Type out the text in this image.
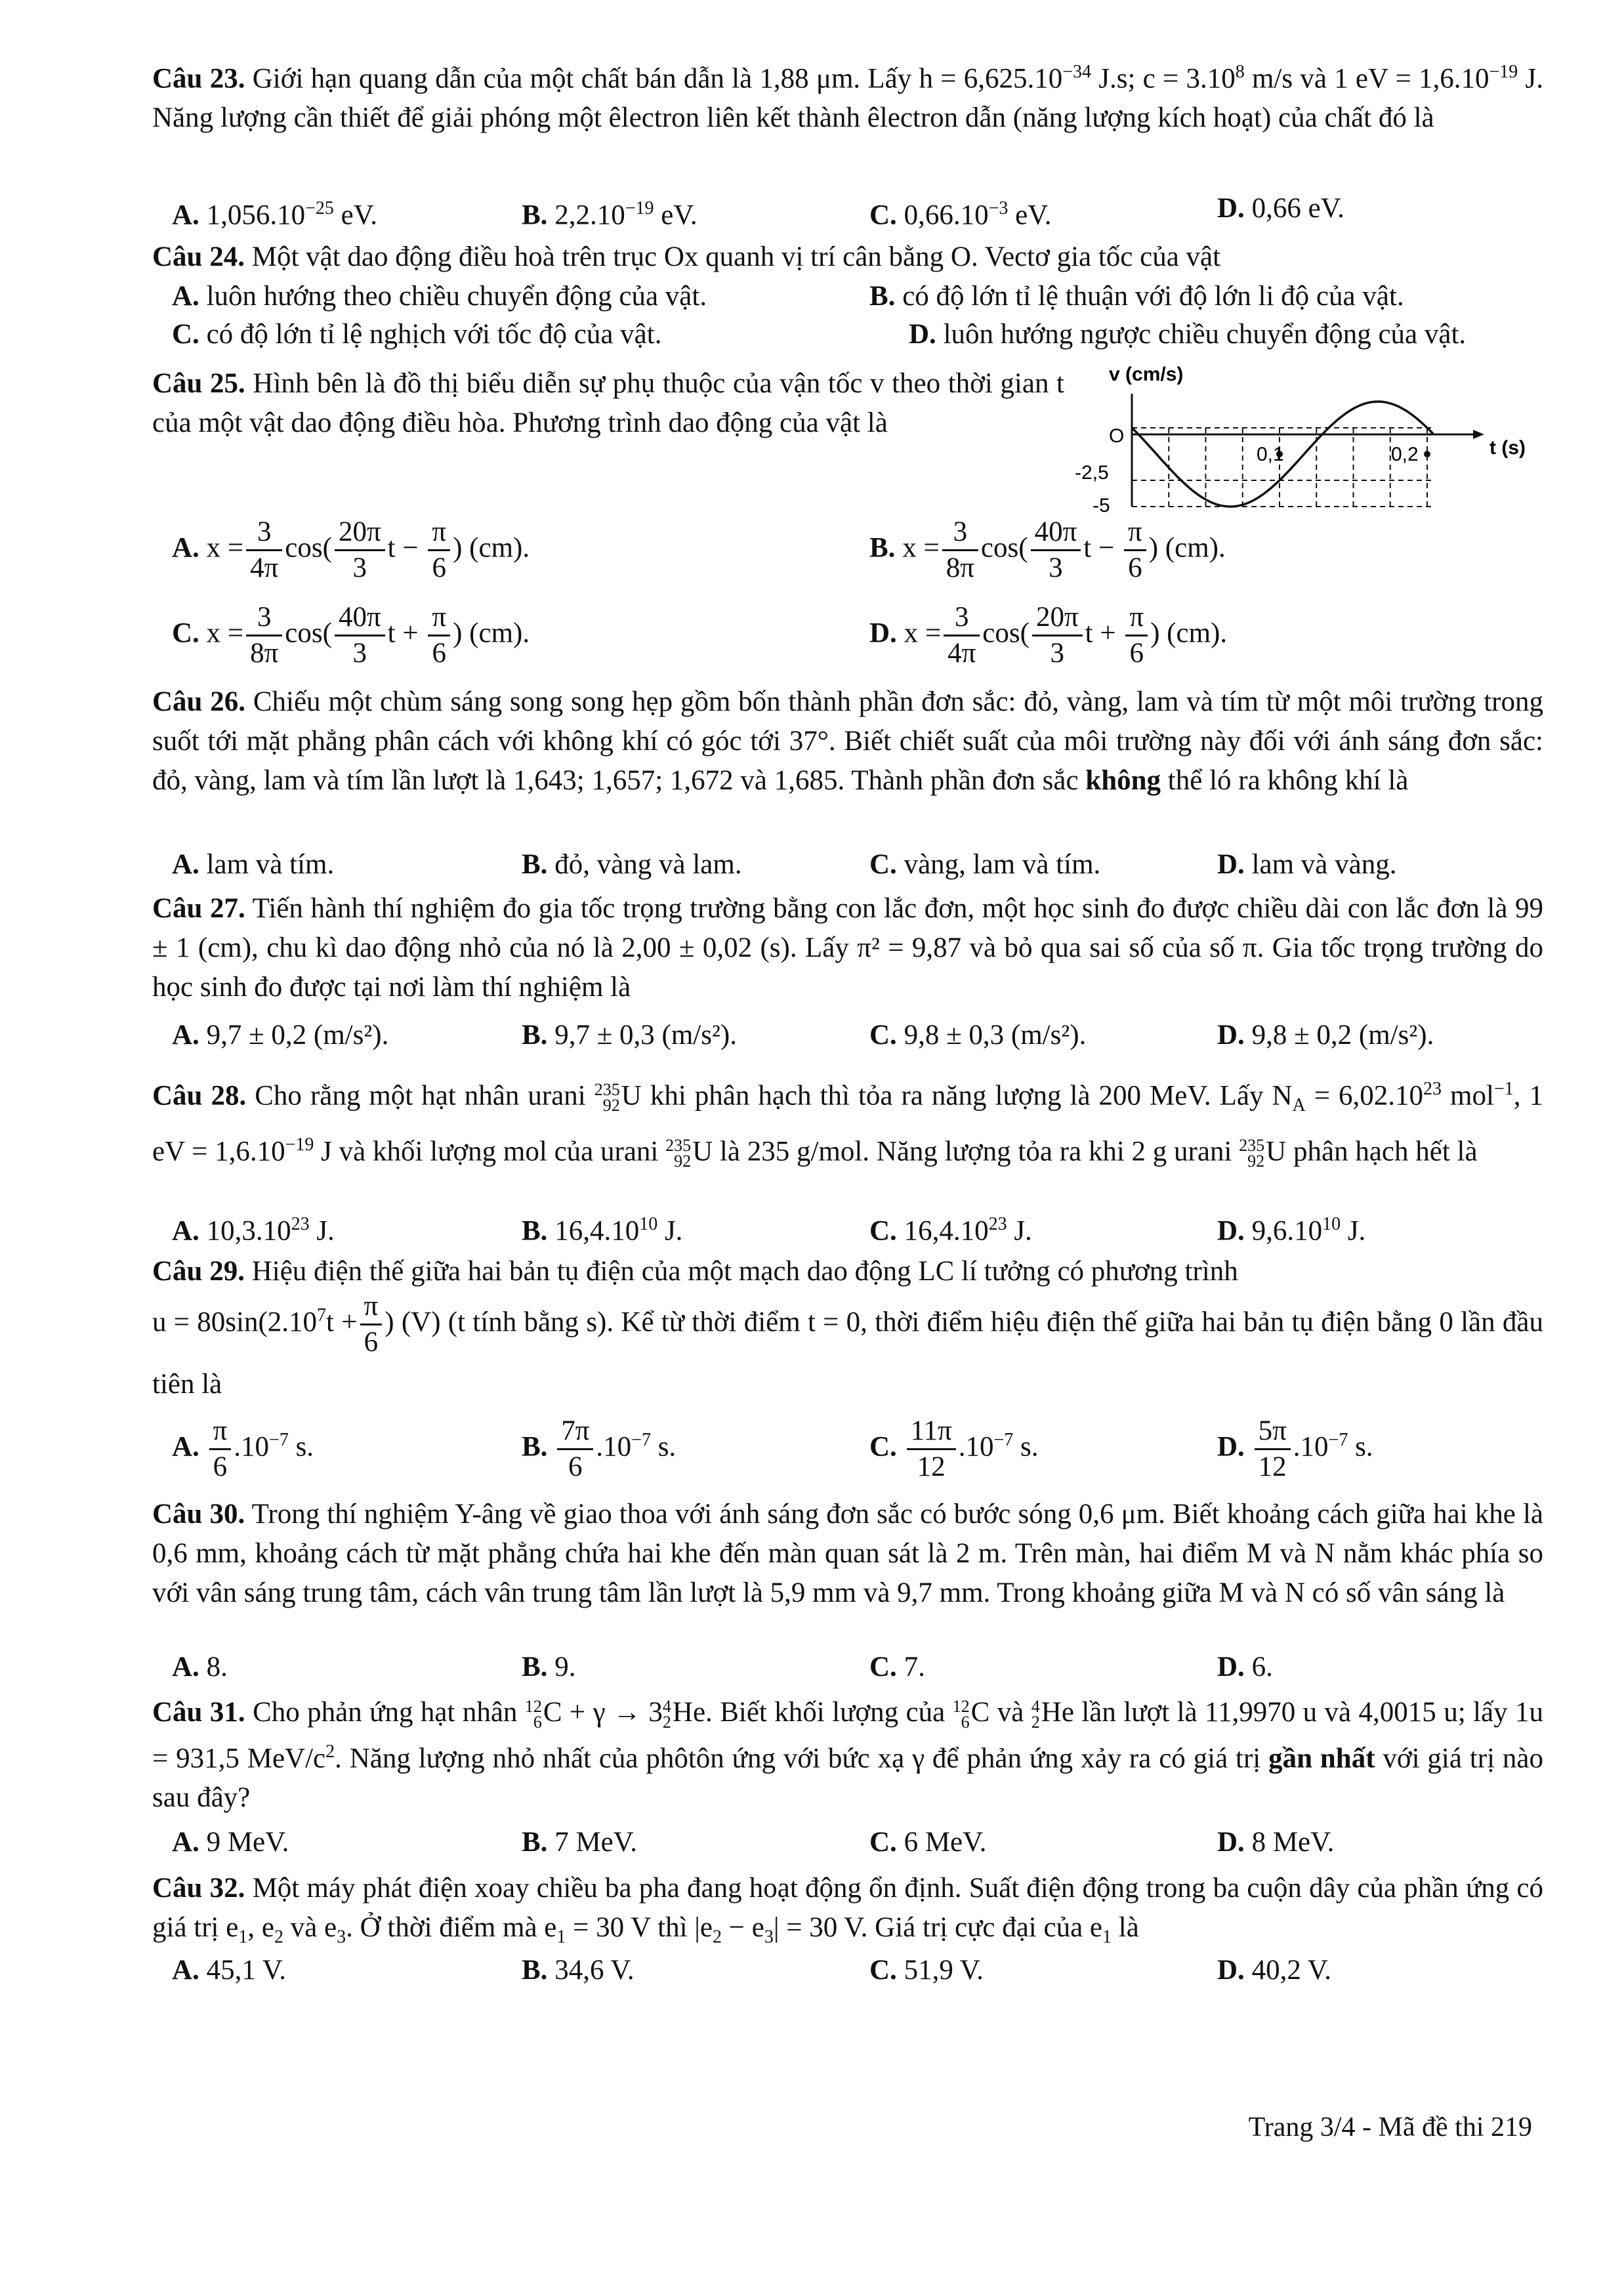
Câu 23. Giới hạn quang dẫn của một chất bán dẫn là 1,88 μm. Lấy $h = 6,625.10^{-34}$ J.s; $c = 3.10^8$ m/s và 1 eV = $1,6.10^{-19}$ J. Năng lượng cần thiết để giải phóng một êlectron liên kết thành êlectron dẫn (năng lượng kích hoạt) của chất đó là
A. $1,056.10^{-25}$ eV.	B. $2,2.10^{-19}$ eV.	C. $0,66.10^{-3}$ eV.	D. 0,66 eV.
Câu 24. Một vật dao động điều hoà trên trục Ox quanh vị trí cân bằng O. Vectơ gia tốc của vật
A. luôn hướng theo chiều chuyển động của vật.	B. có độ lớn tỉ lệ thuận với độ lớn li độ của vật.
C. có độ lớn tỉ lệ nghịch với tốc độ của vật.	D. luôn hướng ngược chiều chuyển động của vật.
Câu 25. Hình bên là đồ thị biểu diễn sự phụ thuộc của vận tốc v theo thời gian t của một vật dao động điều hòa. Phương trình dao động của vật là
v (cm/s)
t (s)
O
-2,5
-5
0,1	0,2
A. $x = \frac{3}{4\pi} \cos( \frac{20\pi}{3}$ $t - \frac{\pi}{6}$ ) (cm).	B. $x = \frac{3}{8\pi} \cos( \frac{40\pi}{3}$ $t - \frac{\pi}{6}$ ) (cm).
C. $x = \frac{3}{8\pi} \cos( \frac{40\pi}{3}$ $t + \frac{\pi}{6}$ ) (cm).	D. $x = \frac{3}{4\pi} \cos( \frac{20\pi}{3}$ $t + \frac{\pi}{6}$ ) (cm).
Câu 26. Chiếu một chùm sáng song song hẹp gồm bốn thành phần đơn sắc: đỏ, vàng, lam và tím từ một môi trường trong suốt tới mặt phẳng phân cách với không khí có góc tới 37°. Biết chiết suất của môi trường này đối với ánh sáng đơn sắc: đỏ, vàng, lam và tím lần lượt là 1,643; 1,657; 1,672 và 1,685. Thành phần đơn sắc không thể ló ra không khí là
A. lam và tím.	B. đỏ, vàng và lam.	C. vàng, lam và tím.	D. lam và vàng.
Câu 27. Tiến hành thí nghiệm đo gia tốc trọng trường bằng con lắc đơn, một học sinh đo được chiều dài con lắc đơn là 99 ± 1 (cm), chu kì dao động nhỏ của nó là 2,00 ± 0,02 (s). Lấy π² = 9,87 và bỏ qua sai số của số π. Gia tốc trọng trường do học sinh đo được tại nơi làm thí nghiệm là
A. 9,7 ± 0,2 (m/s²).	B. 9,7 ± 0,3 (m/s²).	C. 9,8 ± 0,3 (m/s²).	D. 9,8 ± 0,2 (m/s²).
Câu 28. Cho rằng một hạt nhân urani 235
92 U khi phân hạch thì tỏa ra năng lượng là 200 MeV. Lấy $N_A = 6,02.10^{23}$ mol$^{-1}$, 1 eV = $1,6.10^{-19}$ J và khối lượng mol của urani 235
92 U là 235 g/mol. Năng lượng tỏa ra khi 2 g urani 235
92 U phân hạch hết là
A. 10,3.10$^{23}$ J.	B. 16,4.10$^{10}$ J.	C. 16,4.10$^{23}$ J.	D. 9,6.10$^{10}$ J.
Câu 29. Hiệu điện thế giữa hai bản tụ điện của một mạch dao động LC lí tưởng có phương trình
$u = 80\sin(2.10^7t + \frac{\pi}{6}$ ) (V) (t tính bằng s). Kể từ thời điểm t = 0, thời điểm hiệu điện thế giữa hai bản tụ điện bằng 0 lần đầu tiên là
A. $\frac{\pi}{6} .10^{-7}$ s.	B. $\frac{7\pi}{6} .10^{-7}$ s.	C. $\frac{11\pi}{12} .10^{-7}$ s.	D. $\frac{5\pi}{12} .10^{-7}$ s.
Câu 30. Trong thí nghiệm Y-âng về giao thoa với ánh sáng đơn sắc có bước sóng 0,6 μm. Biết khoảng cách giữa hai khe là 0,6 mm, khoảng cách từ mặt phẳng chứa hai khe đến màn quan sát là 2 m. Trên màn, hai điểm M và N nằm khác phía so với vân sáng trung tâm, cách vân trung tâm lần lượt là 5,9 mm và 9,7 mm. Trong khoảng giữa M và N có số vân sáng là
A. 8.	B. 9.	C. 7.	D. 6.
Câu 31. Cho phản ứng hạt nhân 12
6 C + γ → 3 4
2 He. Biết khối lượng của 12
6 C và 4
2 He lần lượt là 11,9970 u và 4,0015 u; lấy 1u = 931,5 MeV/$c^2$. Năng lượng nhỏ nhất của phôtôn ứng với bức xạ γ để phản ứng xảy ra có giá trị gần nhất với giá trị nào sau đây?
A. 9 MeV.	B. 7 MeV.	C. 6 MeV.	D. 8 MeV.
Câu 32. Một máy phát điện xoay chiều ba pha đang hoạt động ổn định. Suất điện động trong ba cuộn dây của phần ứng có giá trị $e_1$, $e_2$ và $e_3$. Ở thời điểm mà $e_1 = 30$ V thì $|e_2 - e_3| = 30$ V. Giá trị cực đại của $e_1$ là
A. 45,1 V.	B. 34,6 V.	C. 51,9 V.	D. 40,2 V.
Trang 3/4 - Mã đề thi 219
